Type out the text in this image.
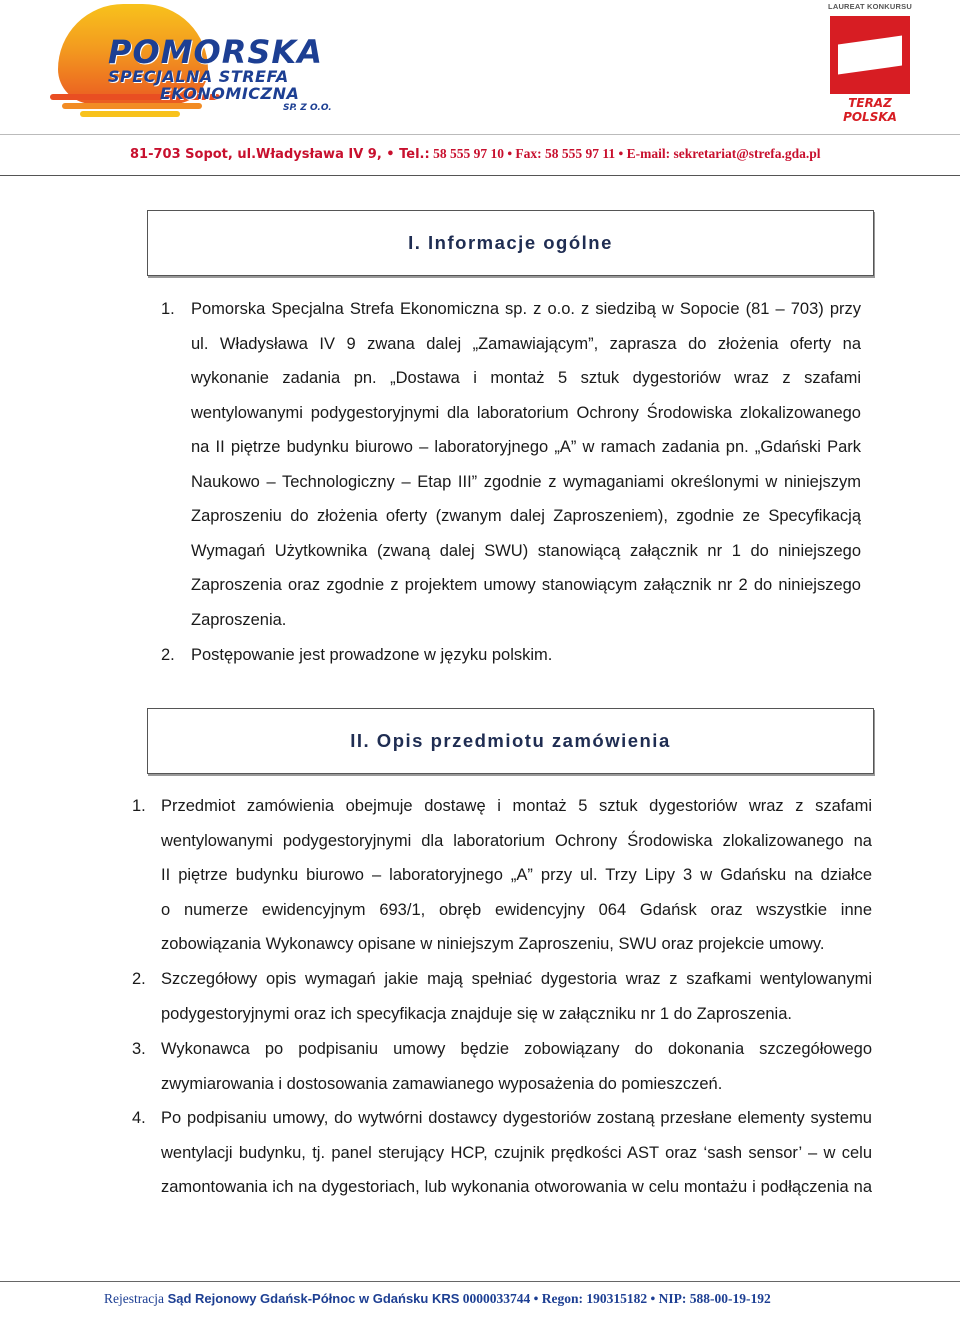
POMORSKA
SPECJALNA STREFA
EKONOMICZNA
SP. Z O.O.
LAUREAT KONKURSU
TERAZ POLSKA
81-703 Sopot, ul.Władysława IV 9, • Tel.: 58 555 97 10 • Fax: 58 555 97 11 • E-mail: sekretariat@strefa.gda.pl
I. Informacje ogólne
1. Pomorska Specjalna Strefa Ekonomiczna sp. z o.o. z siedzibą w Sopocie (81 – 703) przy
ul. Władysława IV 9 zwana dalej „Zamawiającym”, zaprasza do złożenia oferty na
wykonanie zadania pn. „Dostawa i montaż 5 sztuk dygestoriów wraz z szafami
wentylowanymi podygestoryjnymi dla laboratorium Ochrony Środowiska zlokalizowanego
na II piętrze budynku biurowo – laboratoryjnego „A” w ramach zadania pn. „Gdański Park
Naukowo – Technologiczny – Etap III” zgodnie z wymaganiami określonymi w niniejszym
Zaproszeniu do złożenia oferty (zwanym dalej Zaproszeniem), zgodnie ze Specyfikacją
Wymagań Użytkownika (zwaną dalej SWU) stanowiącą załącznik nr 1 do niniejszego
Zaproszenia oraz zgodnie z projektem umowy stanowiącym załącznik nr 2 do niniejszego
Zaproszenia.
2. Postępowanie jest prowadzone w języku polskim.
II. Opis przedmiotu zamówienia
1. Przedmiot zamówienia obejmuje dostawę i montaż 5 sztuk dygestoriów wraz z szafami
wentylowanymi podygestoryjnymi dla laboratorium Ochrony Środowiska zlokalizowanego na
II piętrze budynku biurowo – laboratoryjnego „A” przy ul. Trzy Lipy 3 w Gdańsku na działce
o numerze ewidencyjnym 693/1, obręb ewidencyjny 064 Gdańsk oraz wszystkie inne
zobowiązania Wykonawcy opisane w niniejszym Zaproszeniu, SWU oraz projekcie umowy.
2. Szczegółowy opis wymagań jakie mają spełniać dygestoria wraz z szafkami wentylowanymi
podygestoryjnymi oraz ich specyfikacja znajduje się w załączniku nr 1 do Zaproszenia.
3. Wykonawca po podpisaniu umowy będzie zobowiązany do dokonania szczegółowego
zwymiarowania i dostosowania zamawianego wyposażenia do pomieszczeń.
4. Po podpisaniu umowy, do wytwórni dostawcy dygestoriów zostaną przesłane elementy systemu
wentylacji budynku, tj. panel sterujący HCP, czujnik prędkości AST oraz ‘sash sensor’ – w celu
zamontowania ich na dygestoriach, lub wykonania otworowania w celu montażu i podłączenia na
Rejestracja Sąd Rejonowy Gdańsk-Północ w Gdańsku KRS 0000033744 • Regon: 190315182 • NIP: 588-00-19-192
